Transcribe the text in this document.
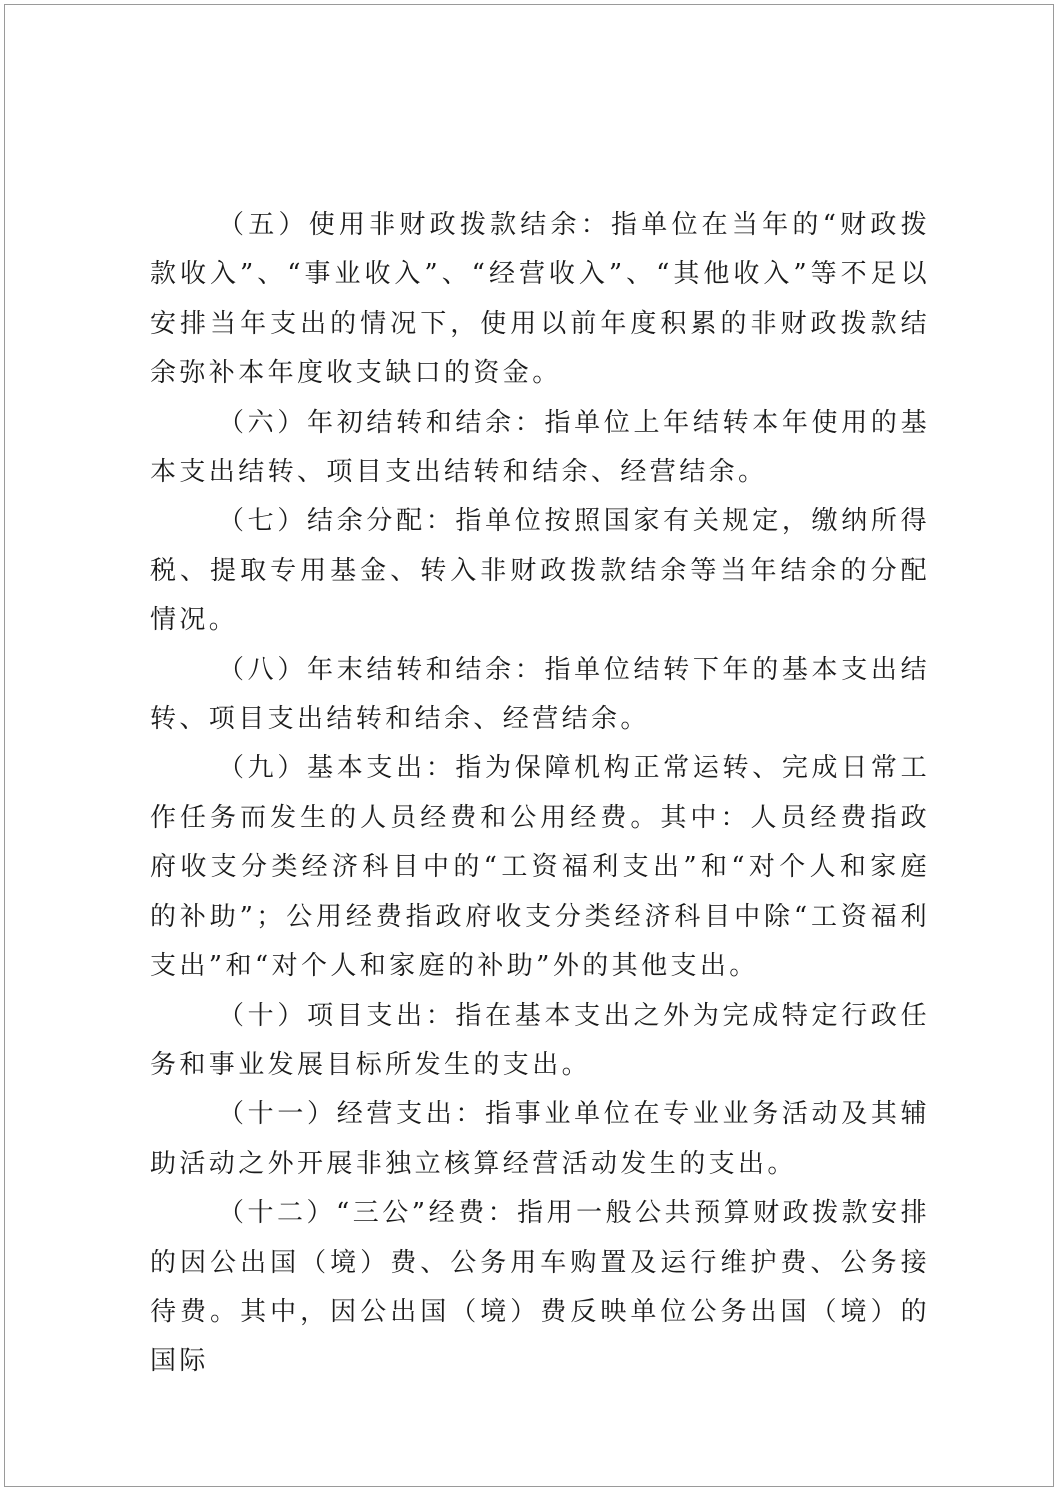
（五）使用非财政拨款结余：指单位在当年的“财政拨款收入”、“事业收入”、“经营收入”、“其他收入”等不足以安排当年支出的情况下，使用以前年度积累的非财政拨款结余弥补本年度收支缺口的资金。

（六）年初结转和结余：指单位上年结转本年使用的基本支出结转、项目支出结转和结余、经营结余。

（七）结余分配：指单位按照国家有关规定，缴纳所得税、提取专用基金、转入非财政拨款结余等当年结余的分配情况。

（八）年末结转和结余：指单位结转下年的基本支出结转、项目支出结转和结余、经营结余。

（九）基本支出：指为保障机构正常运转、完成日常工作任务而发生的人员经费和公用经费。其中：人员经费指政府收支分类经济科目中的“工资福利支出”和“对个人和家庭的补助”；公用经费指政府收支分类经济科目中除“工资福利支出”和“对个人和家庭的补助”外的其他支出。

（十）项目支出：指在基本支出之外为完成特定行政任务和事业发展目标所发生的支出。

（十一）经营支出：指事业单位在专业业务活动及其辅助活动之外开展非独立核算经营活动发生的支出。

（十二）“三公”经费：指用一般公共预算财政拨款安排的因公出国（境）费、公务用车购置及运行维护费、公务接待费。其中，因公出国（境）费反映单位公务出国（境）的国际
